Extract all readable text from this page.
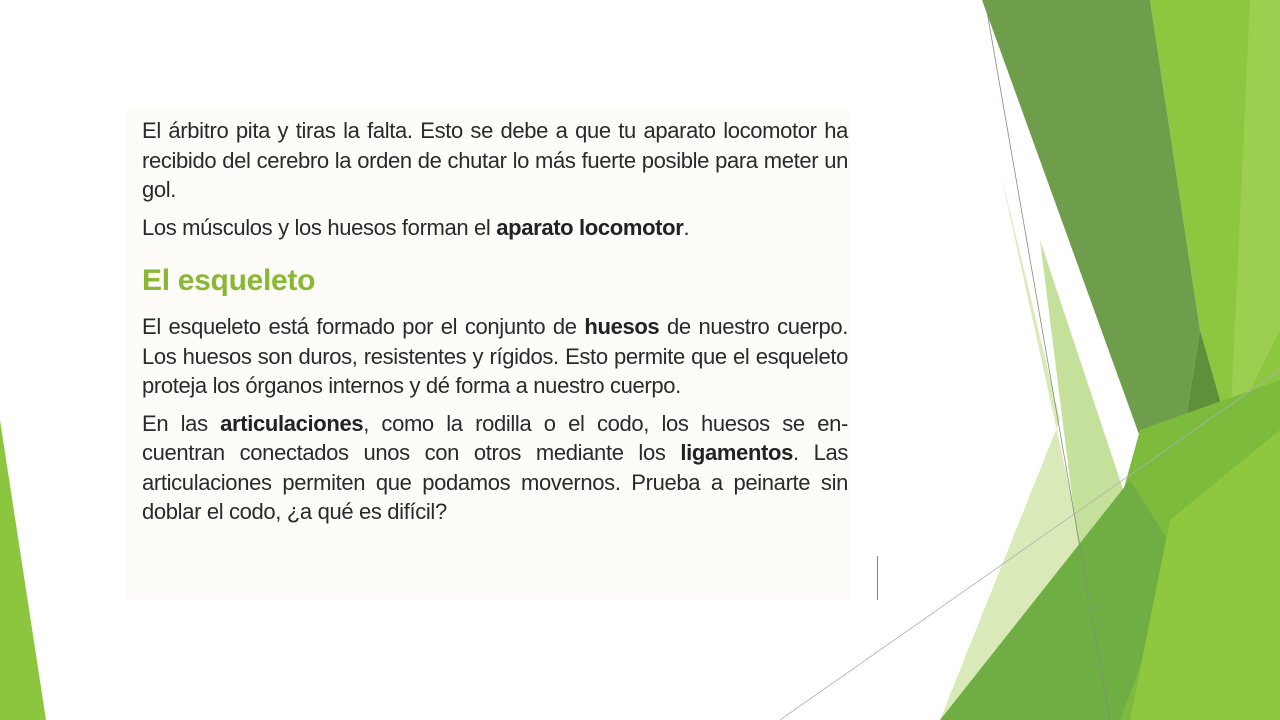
El árbitro pita y tiras la falta. Esto se debe a que tu aparato locomotor ha recibido del cerebro la orden de chutar lo más fuerte posible para meter un gol.

Los músculos y los huesos forman el aparato locomotor.

El esqueleto

El esqueleto está formado por el conjunto de huesos de nuestro cuerpo. Los huesos son duros, resistentes y rígidos. Esto permite que el esqueleto proteja los órganos internos y dé forma a nuestro cuerpo.

En las articulaciones, como la rodilla o el codo, los huesos se en-cuentran conectados unos con otros mediante los ligamentos. Las articulaciones permiten que podamos movernos. Prueba a peinarte sin doblar el codo, ¿a qué es difícil?
